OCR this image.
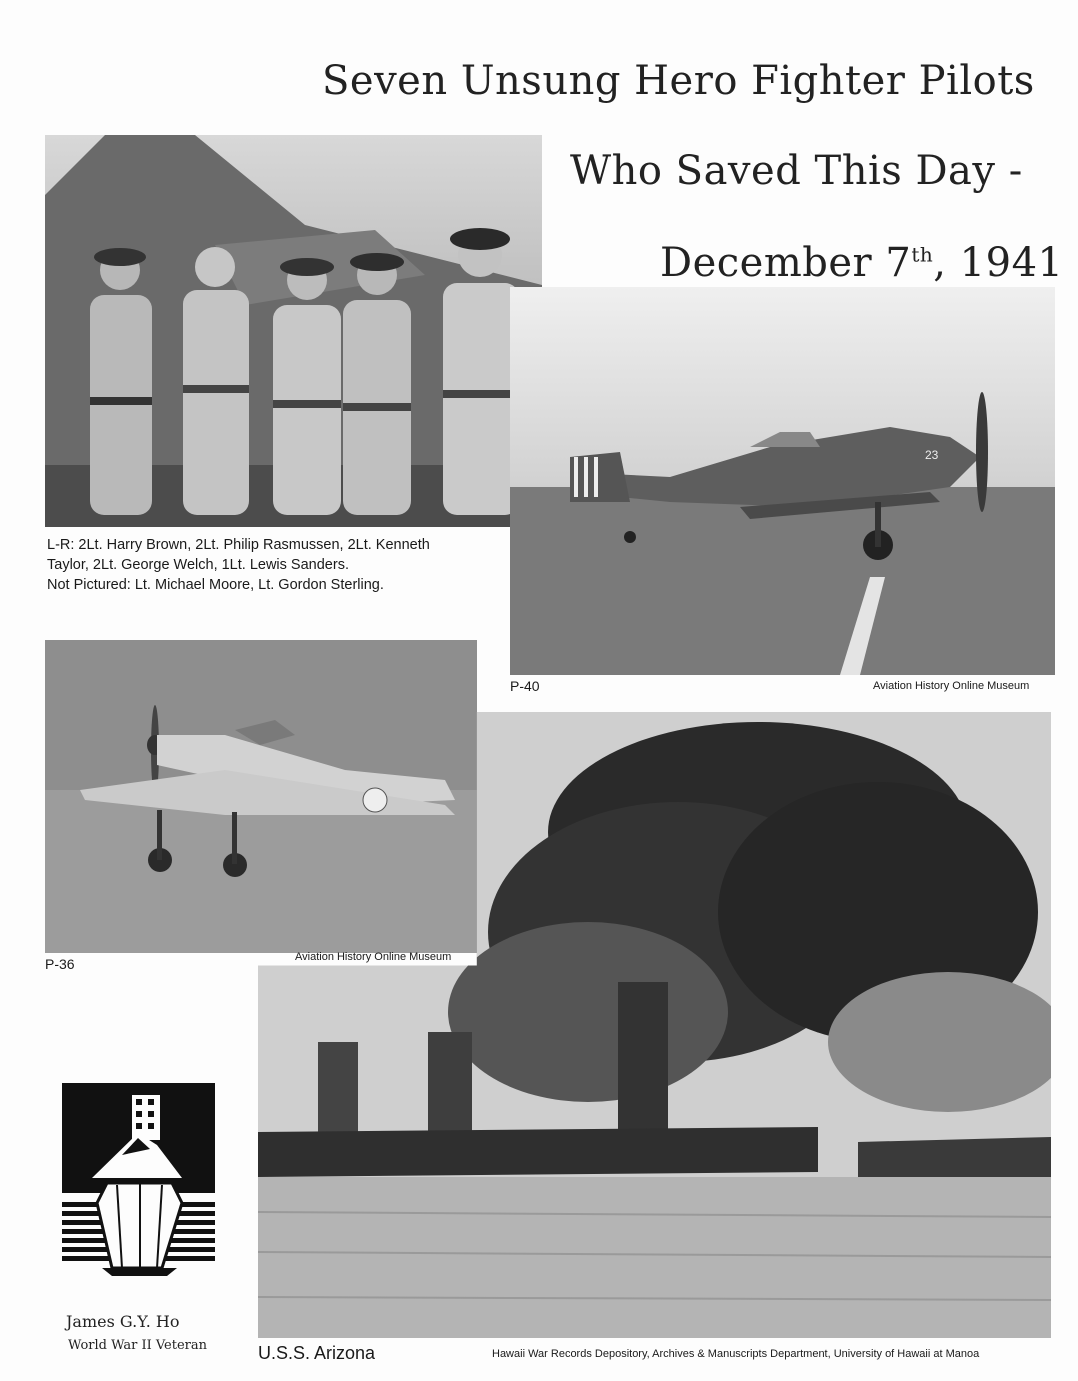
Seven Unsung Hero Fighter Pilots
Who Saved This Day -
December 7th, 1941
L-R: 2Lt. Harry Brown, 2Lt. Philip Rasmussen, 2Lt. Kenneth
Taylor, 2Lt. George Welch, 1Lt. Lewis Sanders.
Not Pictured: Lt. Michael Moore, Lt. Gordon Sterling.
23
P-40	Aviation History Online Museum
P-36	Aviation History Online Museum
U.S.S. Arizona	Hawaii War Records Depository, Archives & Manuscripts Department, University of Hawaii at Manoa
James G.Y. Ho
World War II Veteran
